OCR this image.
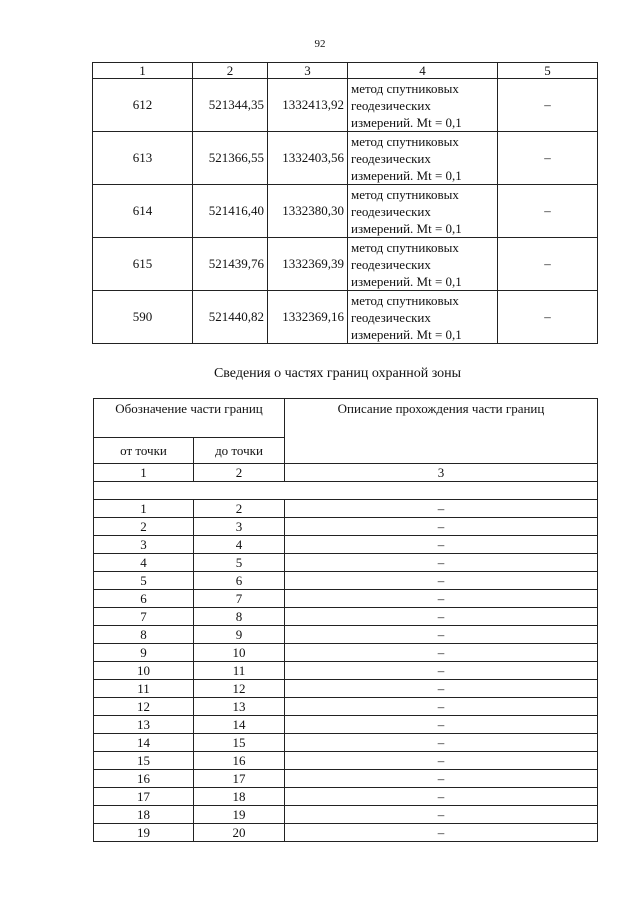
92
1	2	3	4	5
612	521344,35	1332413,92	метод спутниковых
геодезических
измерений. Mt = 0,1	–
613	521366,55	1332403,56	метод спутниковых
геодезических
измерений. Mt = 0,1	–
614	521416,40	1332380,30	метод спутниковых
геодезических
измерений. Mt = 0,1	–
615	521439,76	1332369,39	метод спутниковых
геодезических
измерений. Mt = 0,1	–
590	521440,82	1332369,16	метод спутниковых
геодезических
измерений. Mt = 0,1	–
Сведения о частях границ охранной зоны
Обозначение части границ		Описание прохождения части границ
от точки	до точки	
1	2	3

1	2	–
2	3	–
3	4	–
4	5	–
5	6	–
6	7	–
7	8	–
8	9	–
9	10	–
10	11	–
11	12	–
12	13	–
13	14	–
14	15	–
15	16	–
16	17	–
17	18	–
18	19	–
19	20	–
